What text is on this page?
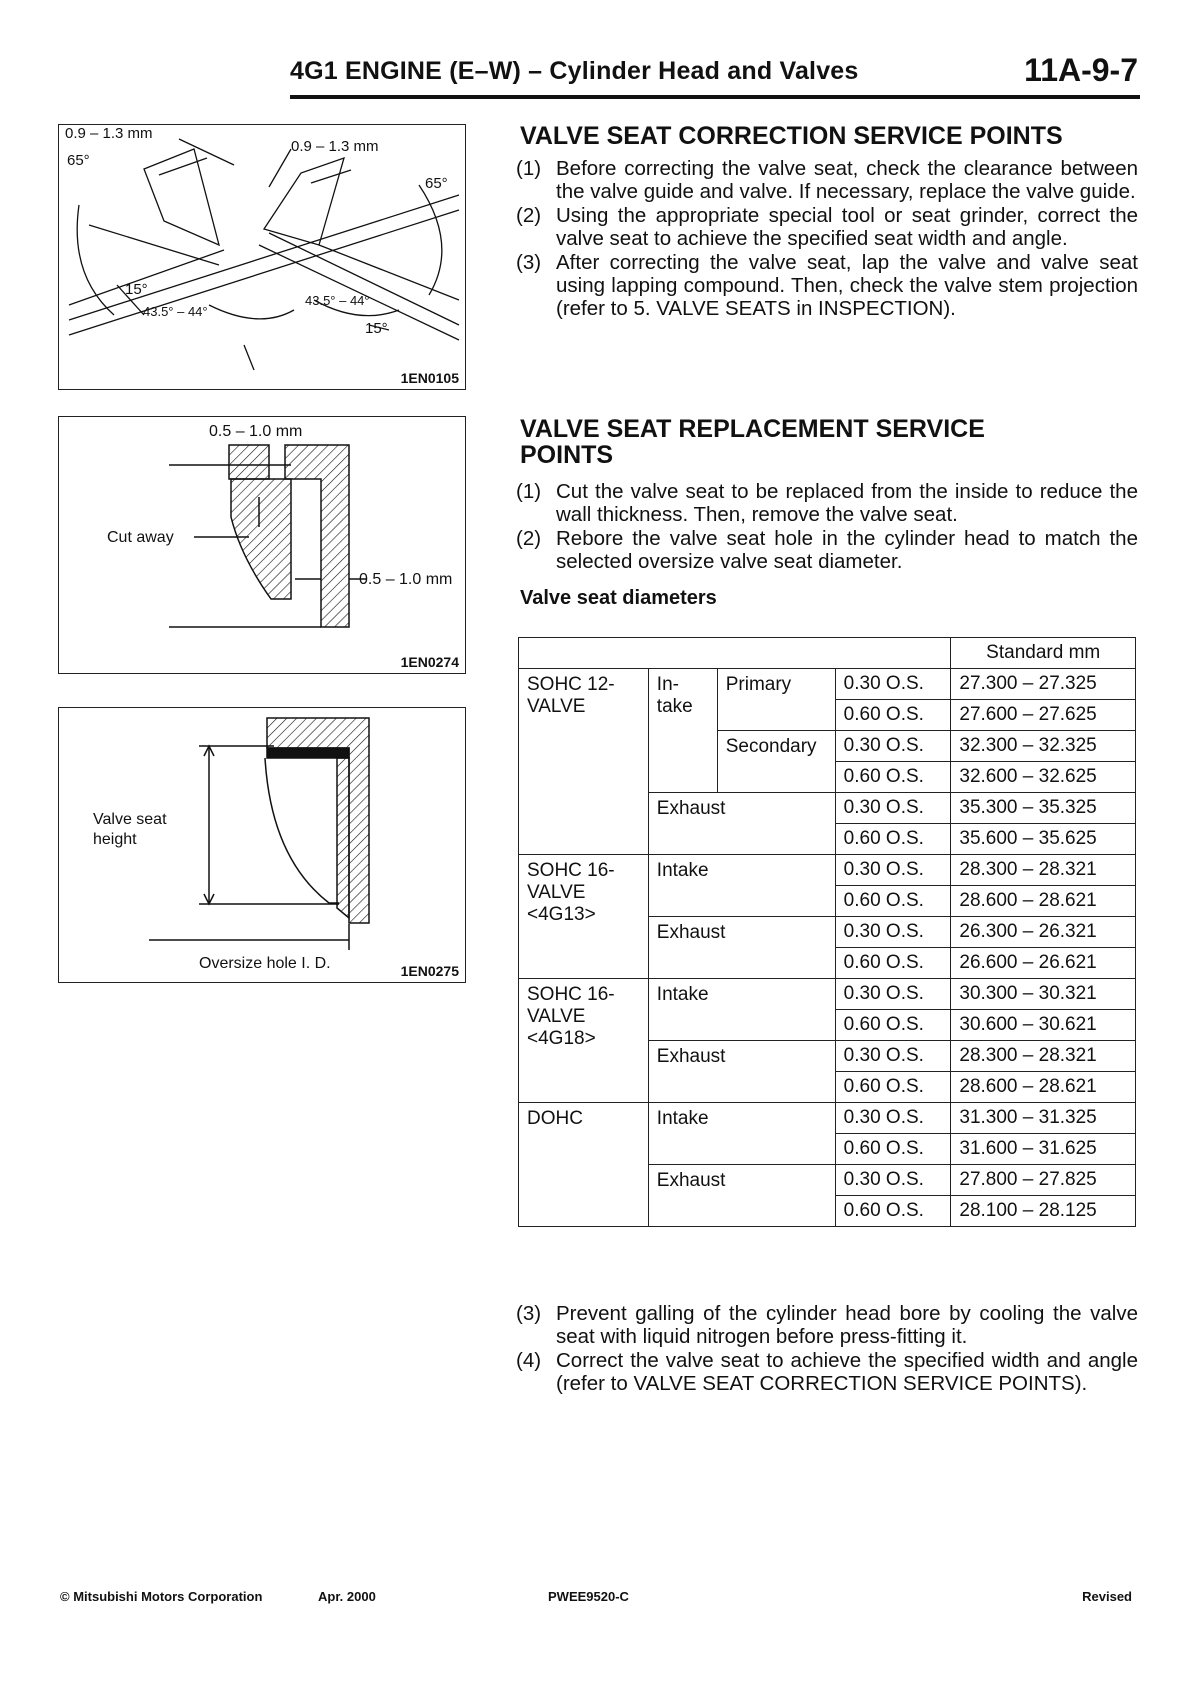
4G1 ENGINE (E–W) – Cylinder Head and Valves	11A-9-7
0.9 – 1.3 mm
0.9 – 1.3 mm
65°
65°
15°
15°
43.5° – 44°
43.5° – 44°
1EN0105
0.5 – 1.0 mm
Cut away
0.5 – 1.0 mm
1EN0274
Valve seat
height
Oversize hole I. D.	1EN0275
VALVE SEAT CORRECTION SERVICE POINTS
(1) Before correcting the valve seat, check the clearance between the valve guide and valve. If necessary, replace the valve guide.
(2) Using the appropriate special tool or seat grinder, correct the valve seat to achieve the specified seat width and angle.
(3) After correcting the valve seat, lap the valve and valve seat using lapping compound. Then, check the valve stem projection (refer to 5. VALVE SEATS in INSPECTION).
VALVE SEAT REPLACEMENT SERVICE
POINTS
(1) Cut the valve seat to be replaced from the inside to reduce the wall thickness. Then, remove the valve seat.
(2) Rebore the valve seat hole in the cylinder head to match the selected oversize valve seat diameter.
Valve seat diameters
				Standard mm
SOHC 12-VALVE	In- take	Primary	0.30 O.S.	27.300 – 27.325
			0.60 O.S.	27.600 – 27.625
		Secondary	0.30 O.S.	32.300 – 32.325
			0.60 O.S.	32.600 – 32.625
	Exhaust		0.30 O.S.	35.300 – 35.325
			0.60 O.S.	35.600 – 35.625
SOHC 16-VALVE <4G13>	Intake		0.30 O.S.	28.300 – 28.321
			0.60 O.S.	28.600 – 28.621
	Exhaust		0.30 O.S.	26.300 – 26.321
			0.60 O.S.	26.600 – 26.621
SOHC 16-VALVE <4G18>	Intake		0.30 O.S.	30.300 – 30.321
			0.60 O.S.	30.600 – 30.621
	Exhaust		0.30 O.S.	28.300 – 28.321
			0.60 O.S.	28.600 – 28.621
DOHC	Intake		0.30 O.S.	31.300 – 31.325
			0.60 O.S.	31.600 – 31.625
	Exhaust		0.30 O.S.	27.800 – 27.825
			0.60 O.S.	28.100 – 28.125
(3) Prevent galling of the cylinder head bore by cooling the valve seat with liquid nitrogen before press-fitting it.
(4) Correct the valve seat to achieve the specified width and angle (refer to VALVE SEAT CORRECTION SERVICE POINTS).
© Mitsubishi Motors Corporation	Apr. 2000	PWEE9520-C	Revised
